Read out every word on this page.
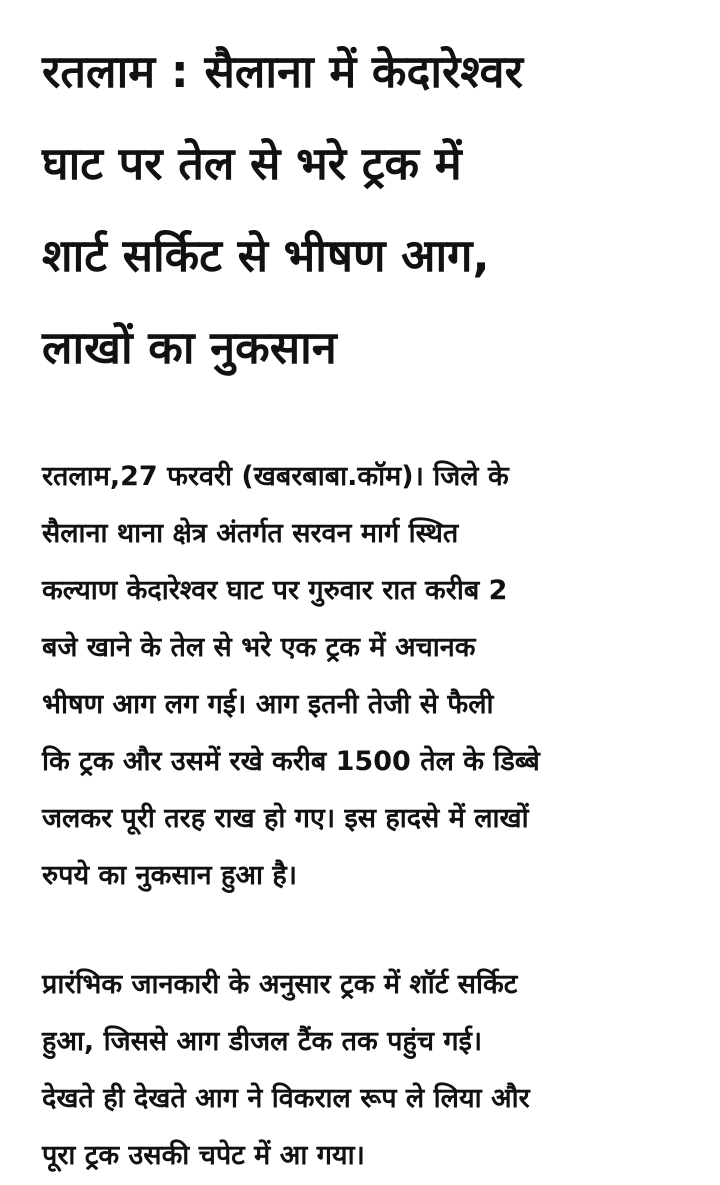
रतलाम : सैलाना में केदारेश्वर
घाट पर तेल से भरे ट्रक में
शार्ट सर्किट से भीषण आग,
लाखों का नुकसान

रतलाम,27 फरवरी (खबरबाबा.कॉम)। जिले के
सैलाना थाना क्षेत्र अंतर्गत सरवन मार्ग स्थित
कल्याण केदारेश्वर घाट पर गुरुवार रात करीब 2
बजे खाने के तेल से भरे एक ट्रक में अचानक
भीषण आग लग गई। आग इतनी तेजी से फैली
कि ट्रक और उसमें रखे करीब 1500 तेल के डिब्बे
जलकर पूरी तरह राख हो गए। इस हादसे में लाखों
रुपये का नुकसान हुआ है।

प्रारंभिक जानकारी के अनुसार ट्रक में शॉर्ट सर्किट
हुआ, जिससे आग डीजल टैंक तक पहुंच गई।
देखते ही देखते आग ने विकराल रूप ले लिया और
पूरा ट्रक उसकी चपेट में आ गया।
